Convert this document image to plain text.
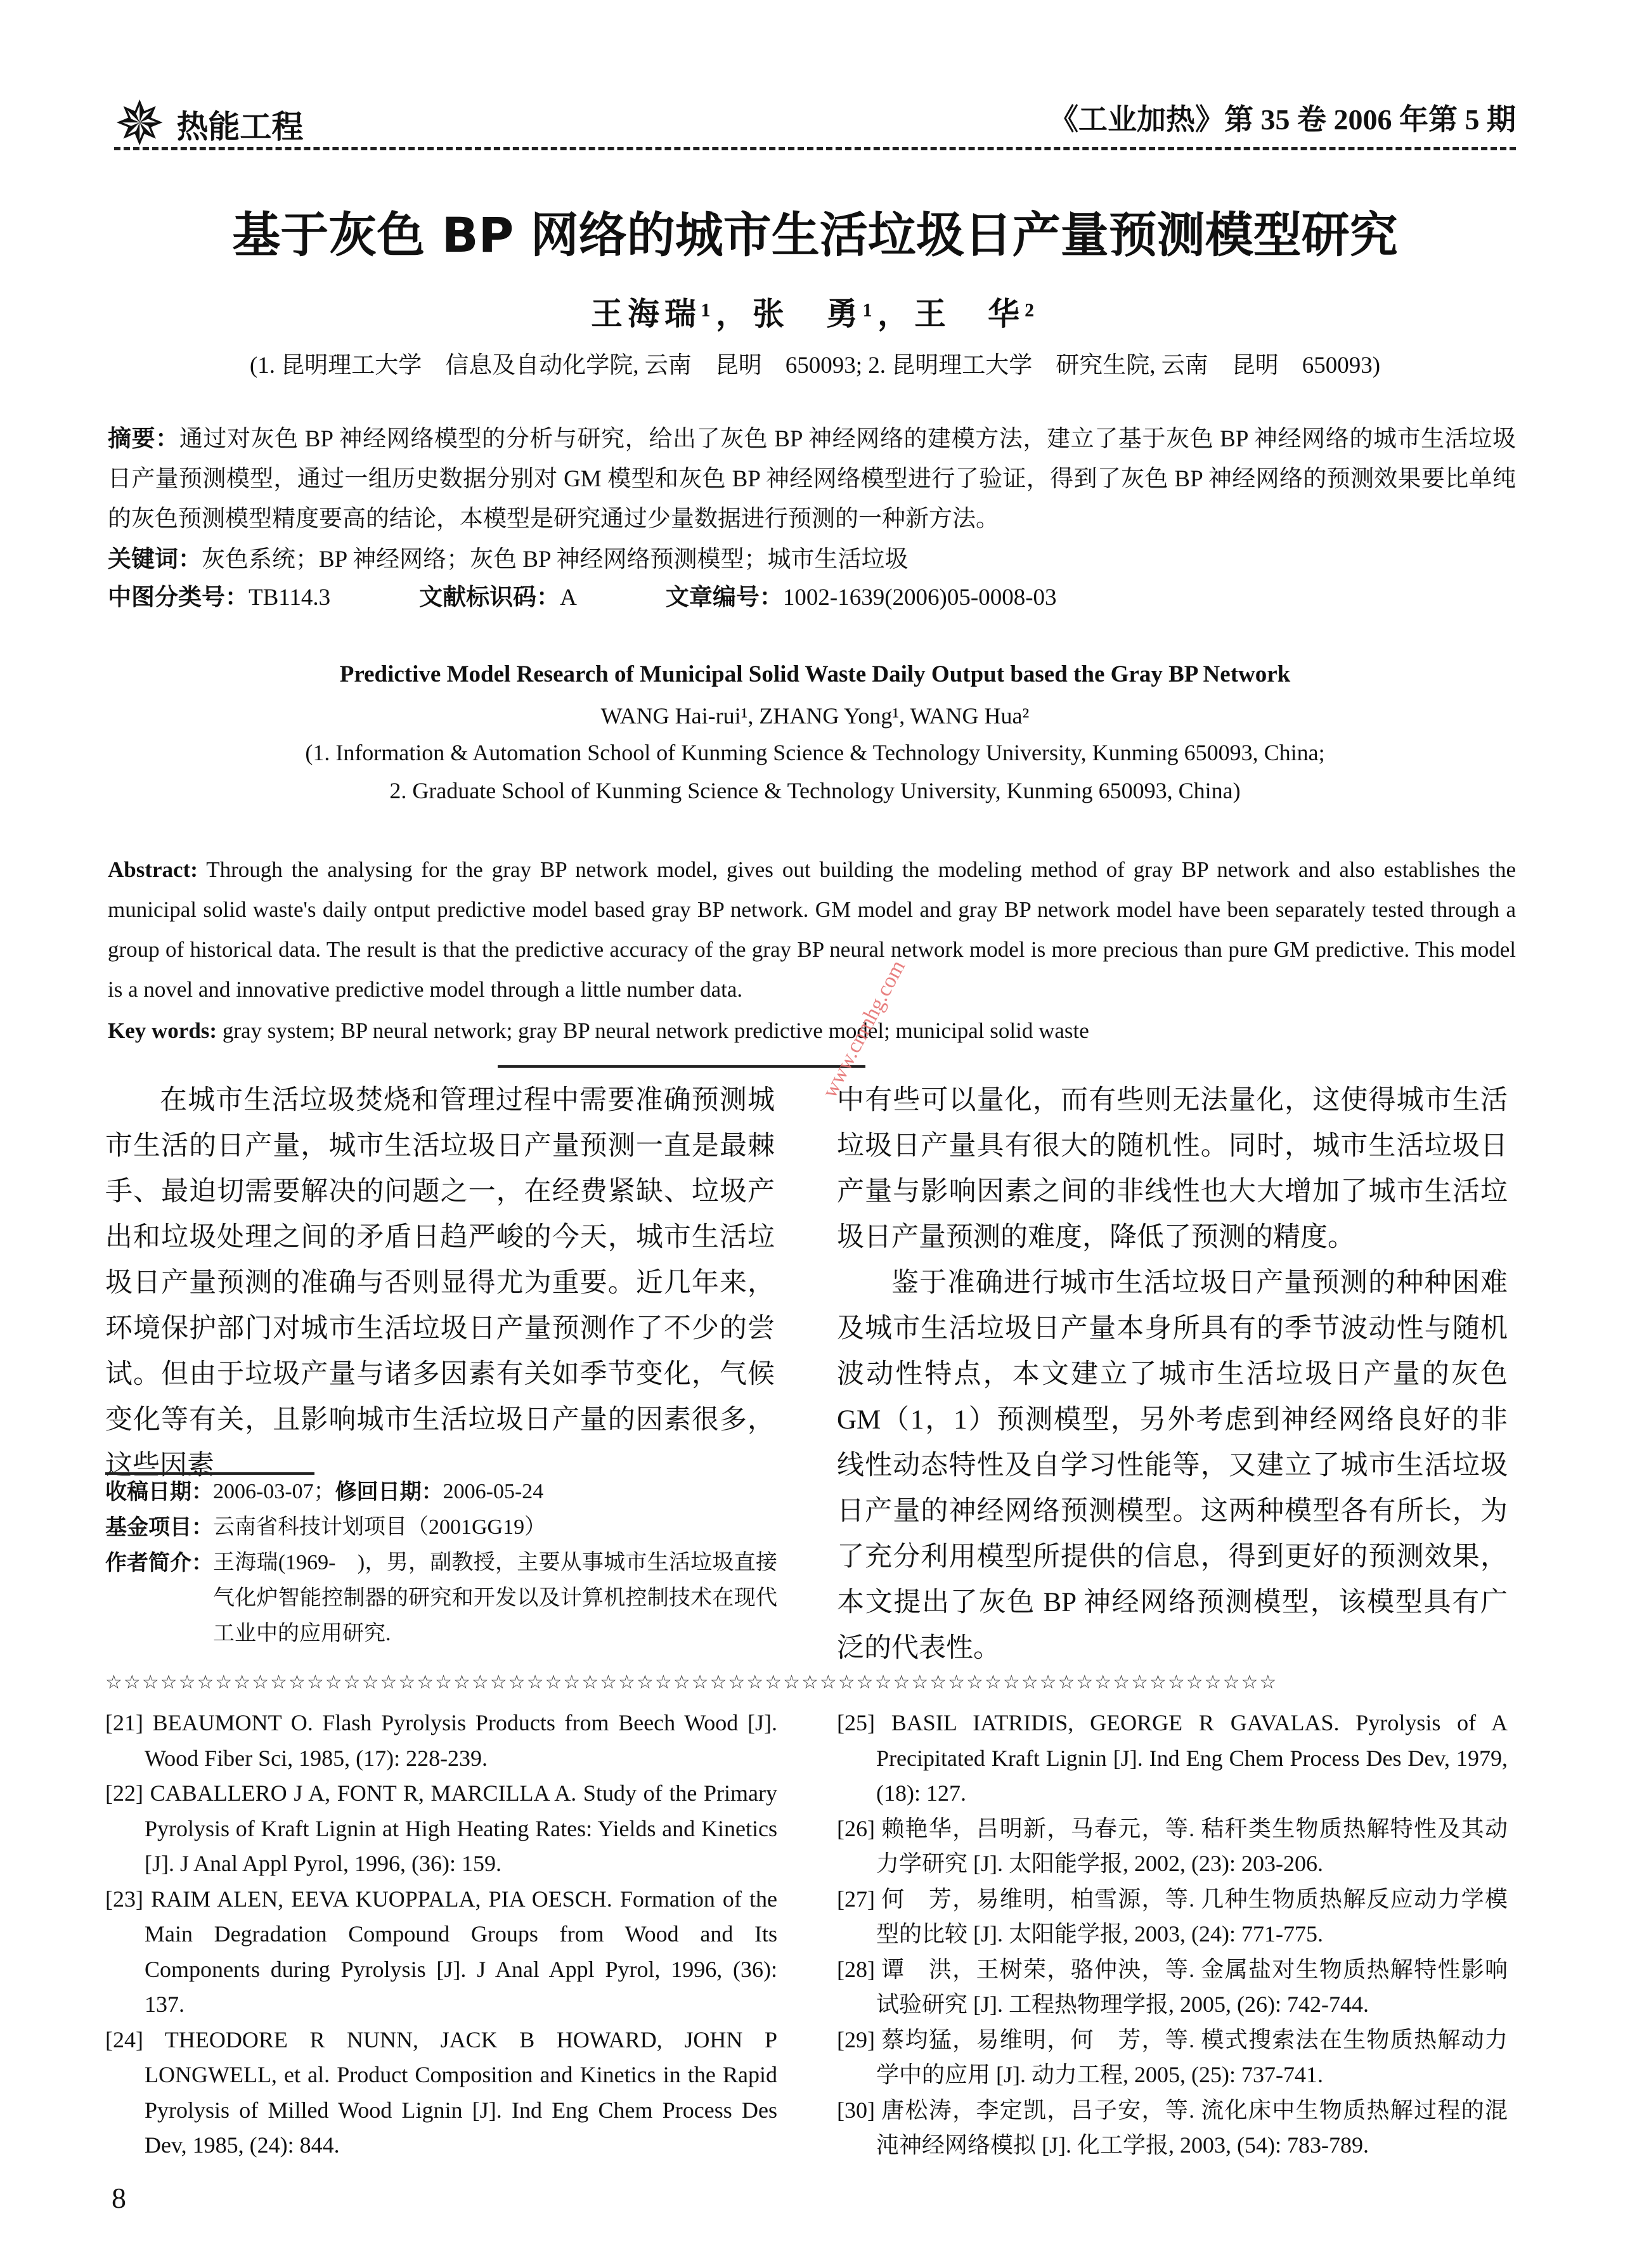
✵ 热能工程	《工业加热》第 35 卷 2006 年第 5 期
基于灰色 BP 网络的城市生活垃圾日产量预测模型研究
王海瑞¹，张　勇¹，王　华²
(1. 昆明理工大学　信息及自动化学院, 云南　昆明　650093; 2. 昆明理工大学　研究生院, 云南　昆明　650093)
摘要：通过对灰色 BP 神经网络模型的分析与研究，给出了灰色 BP 神经网络的建模方法，建立了基于灰色 BP 神经网络的城市生活垃圾日产量预测模型，通过一组历史数据分别对 GM 模型和灰色 BP 神经网络模型进行了验证，得到了灰色 BP 神经网络的预测效果要比单纯的灰色预测模型精度要高的结论，本模型是研究通过少量数据进行预测的一种新方法。
关键词：灰色系统；BP 神经网络；灰色 BP 神经网络预测模型；城市生活垃圾
中图分类号：TB114.3	文献标识码：A	文章编号：1002-1639(2006)05-0008-03
Predictive Model Research of Municipal Solid Waste Daily Output based the Gray BP Network
WANG Hai-rui¹, ZHANG Yong¹, WANG Hua²
(1. Information & Automation School of Kunming Science & Technology University, Kunming 650093, China;
2. Graduate School of Kunming Science & Technology University, Kunming 650093, China)
Abstract: Through the analysing for the gray BP network model, gives out building the modeling method of gray BP network and also establishes the municipal solid waste's daily ontput predictive model based gray BP network. GM model and gray BP network model have been separately tested through a group of historical data. The result is that the predictive accuracy of the gray BP neural network model is more precious than pure GM predictive. This model is a novel and innovative predictive model through a little number data.
Key words: gray system; BP neural network; gray BP neural network predictive model; municipal solid waste

在城市生活垃圾焚烧和管理过程中需要准确预测城市生活的日产量，城市生活垃圾日产量预测一直是最棘手、最迫切需要解决的问题之一，在经费紧缺、垃圾产出和垃圾处理之间的矛盾日趋严峻的今天，城市生活垃圾日产量预测的准确与否则显得尤为重要。近几年来，环境保护部门对城市生活垃圾日产量预测作了不少的尝试。但由于垃圾产量与诸多因素有关如季节变化，气候变化等有关，且影响城市生活垃圾日产量的因素很多，这些因素

中有些可以量化，而有些则无法量化，这使得城市生活垃圾日产量具有很大的随机性。同时，城市生活垃圾日产量与影响因素之间的非线性也大大增加了城市生活垃圾日产量预测的难度，降低了预测的精度。

鉴于准确进行城市生活垃圾日产量预测的种种困难及城市生活垃圾日产量本身所具有的季节波动性与随机波动性特点，本文建立了城市生活垃圾日产量的灰色 GM（1，1）预测模型，另外考虑到神经网络良好的非线性动态特性及自学习性能等，又建立了城市生活垃圾日产量的神经网络预测模型。这两种模型各有所长，为了充分利用模型所提供的信息，得到更好的预测效果，本文提出了灰色 BP 神经网络预测模型，该模型具有广泛的代表性。

www.cnmhg.com
收稿日期： 2006-03-07； 修回日期： 2006-05-24
基金项目： 云南省科技计划项目（2001GG19）
作者简介： 王海瑞(1969-　)，男，副教授，主要从事城市生活垃圾直接气化炉智能控制器的研究和开发以及计算机控制技术在现代工业中的应用研究.
☆☆☆☆☆☆☆☆☆☆☆☆☆☆☆☆☆☆☆☆☆☆☆☆☆☆☆☆☆☆☆☆☆☆☆☆☆☆☆☆☆☆☆☆☆☆☆☆☆☆☆☆☆☆☆☆☆☆☆☆☆☆☆☆
[21] BEAUMONT O. Flash Pyrolysis Products from Beech Wood [J]. Wood Fiber Sci, 1985, (17): 228-239.
[22] CABALLERO J A, FONT R, MARCILLA A. Study of the Primary Pyrolysis of Kraft Lignin at High Heating Rates: Yields and Kinetics [J]. J Anal Appl Pyrol, 1996, (36): 159.
[23] RAIM ALEN, EEVA KUOPPALA, PIA OESCH. Formation of the Main Degradation Compound Groups from Wood and Its Components during Pyrolysis [J]. J Anal Appl Pyrol, 1996, (36): 137.
[24] THEODORE R NUNN, JACK B HOWARD, JOHN P LONGWELL, et al. Product Composition and Kinetics in the Rapid Pyrolysis of Milled Wood Lignin [J]. Ind Eng Chem Process Des Dev, 1985, (24): 844.
[25] BASIL IATRIDIS, GEORGE R GAVALAS. Pyrolysis of A Precipitated Kraft Lignin [J]. Ind Eng Chem Process Des Dev, 1979, (18): 127.
[26] 赖艳华，吕明新，马春元，等. 秸秆类生物质热解特性及其动力学研究 [J]. 太阳能学报, 2002, (23): 203-206.
[27] 何　芳，易维明，柏雪源，等. 几种生物质热解反应动力学模型的比较 [J]. 太阳能学报, 2003, (24): 771-775.
[28] 谭　洪，王树荣，骆仲泱，等. 金属盐对生物质热解特性影响试验研究 [J]. 工程热物理学报, 2005, (26): 742-744.
[29] 蔡均猛，易维明，何　芳，等. 模式搜索法在生物质热解动力学中的应用 [J]. 动力工程, 2005, (25): 737-741.
[30] 唐松涛，李定凯，吕子安，等. 流化床中生物质热解过程的混沌神经网络模拟 [J]. 化工学报, 2003, (54): 783-789.
8
